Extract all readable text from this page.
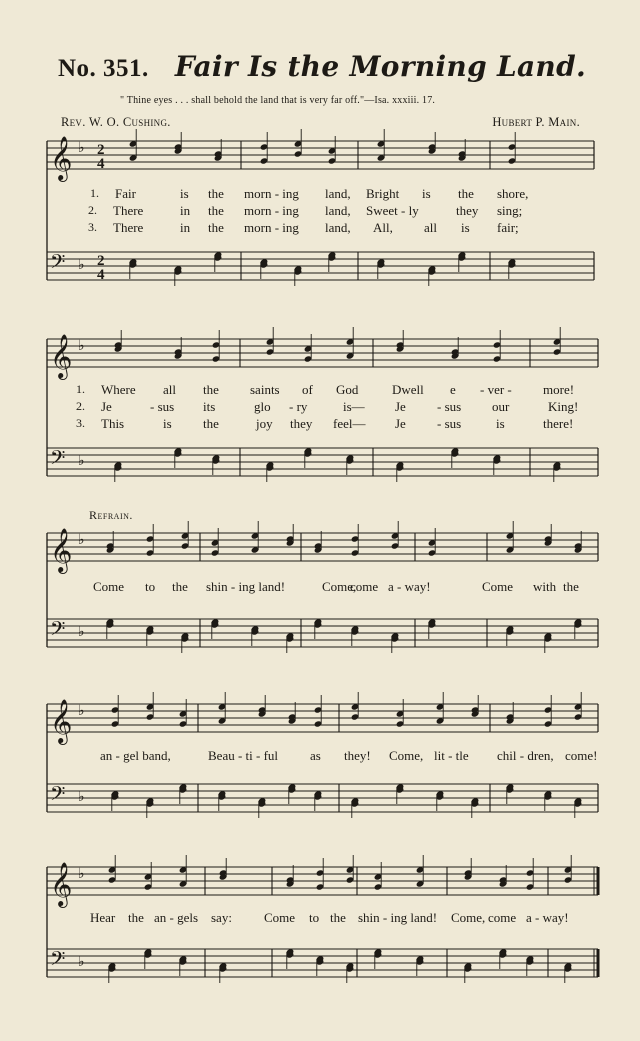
No. 351. Fair Is the Morning Land.
" Thine eyes . . . shall behold the land that is very far off."—Isa. xxxiii. 17.
Rev. W. O. Cushing.	Hubert P. Main.
Refrain.
𝄞
𝄢
♭
♭
2
4
2
4
𝄞
𝄢
♭
♭
𝄞
𝄢
♭
♭
𝄞
𝄢
♭
♭
𝄞
𝄢
♭
♭
1. Fair	is the morn - ing land, Bright is the shore,
2. There	in the morn - ing land, Sweet - ly	they sing;
3. There	in the morn - ing land, All, all is fair;
1. Where all the saints of God	Dwell e - ver - more!
2. Je	- sus its	glo - ry	is— Je - sus our	King!
3. This	is the	joy they feel— Je - sus	is	there!
Come to the shin - ing land!	Come,
come a - way!	Come with the
an - gel band,	Beau - ti - ful as they! Come, lit - tle chil - dren, come!
Hear the an - gels say: Come to the shin - ing land! Come, come a - way!
